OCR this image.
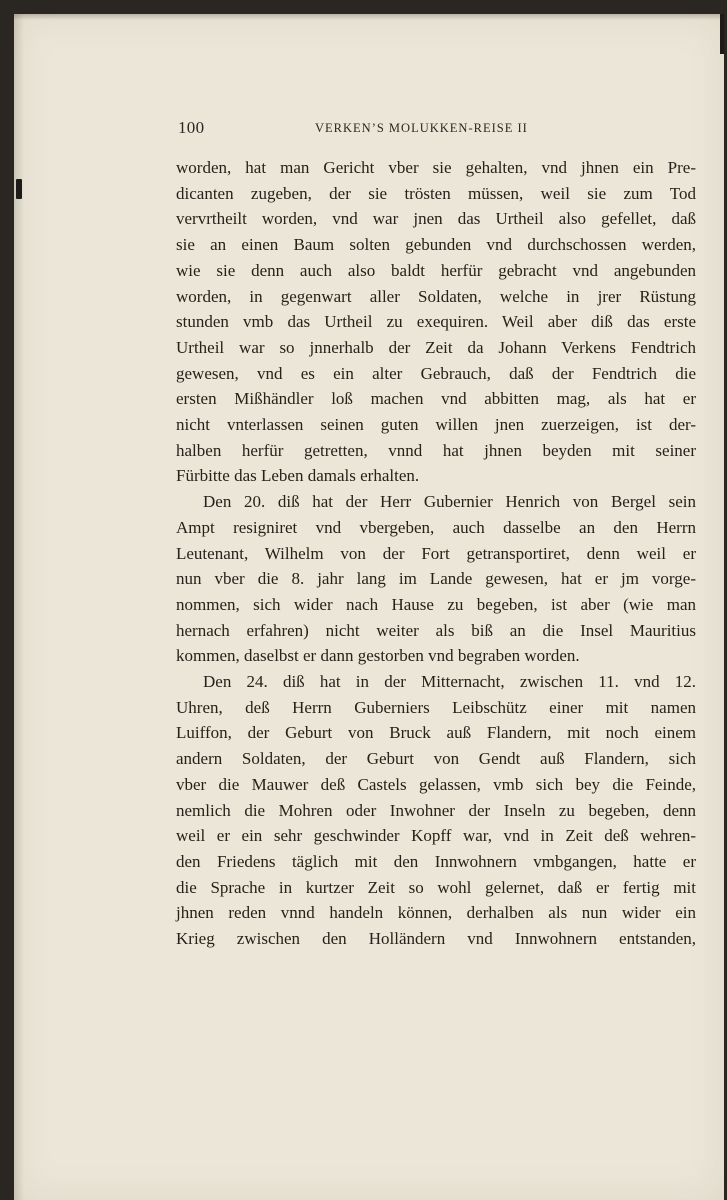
100	VERKEN’S MOLUKKEN-REISE II

worden, hat man Gericht vber sie gehalten, vnd jhnen ein Pre-

dicanten zugeben, der sie trösten müssen, weil sie zum Tod

vervrtheilt worden, vnd war jnen das Urtheil also gefellet, daß

sie an einen Baum solten gebunden vnd durchschossen werden,

wie sie denn auch also baldt herfür gebracht vnd angebunden

worden, in gegenwart aller Soldaten, welche in jrer Rüstung

stunden vmb das Urtheil zu exequiren. Weil aber diß das erste

Urtheil war so jnnerhalb der Zeit da Johann Verkens Fendtrich

gewesen, vnd es ein alter Gebrauch, daß der Fendtrich die

ersten Mißhändler loß machen vnd abbitten mag, als hat er

nicht vnterlassen seinen guten willen jnen zuerzeigen, ist der-

halben herfür getretten, vnnd hat jhnen beyden mit seiner

Fürbitte das Leben damals erhalten.

Den 20. diß hat der Herr Gubernier Henrich von Bergel sein

Ampt resigniret vnd vbergeben, auch dasselbe an den Herrn

Leutenant, Wilhelm von der Fort getransportiret, denn weil er

nun vber die 8. jahr lang im Lande gewesen, hat er jm vorge-

nommen, sich wider nach Hause zu begeben, ist aber (wie man

hernach erfahren) nicht weiter als biß an die Insel Mauritius

kommen, daselbst er dann gestorben vnd begraben worden.

Den 24. diß hat in der Mitternacht, zwischen 11. vnd 12.

Uhren, deß Herrn Guberniers Leibschütz einer mit namen

Luiffon, der Geburt von Bruck auß Flandern, mit noch einem

andern Soldaten, der Geburt von Gendt auß Flandern, sich

vber die Mauwer deß Castels gelassen, vmb sich bey die Feinde,

nemlich die Mohren oder Inwohner der Inseln zu begeben, denn

weil er ein sehr geschwinder Kopff war, vnd in Zeit deß wehren-

den Friedens täglich mit den Innwohnern vmbgangen, hatte er

die Sprache in kurtzer Zeit so wohl gelernet, daß er fertig mit

jhnen reden vnnd handeln können, derhalben als nun wider ein

Krieg zwischen den Holländern vnd Innwohnern entstanden,
